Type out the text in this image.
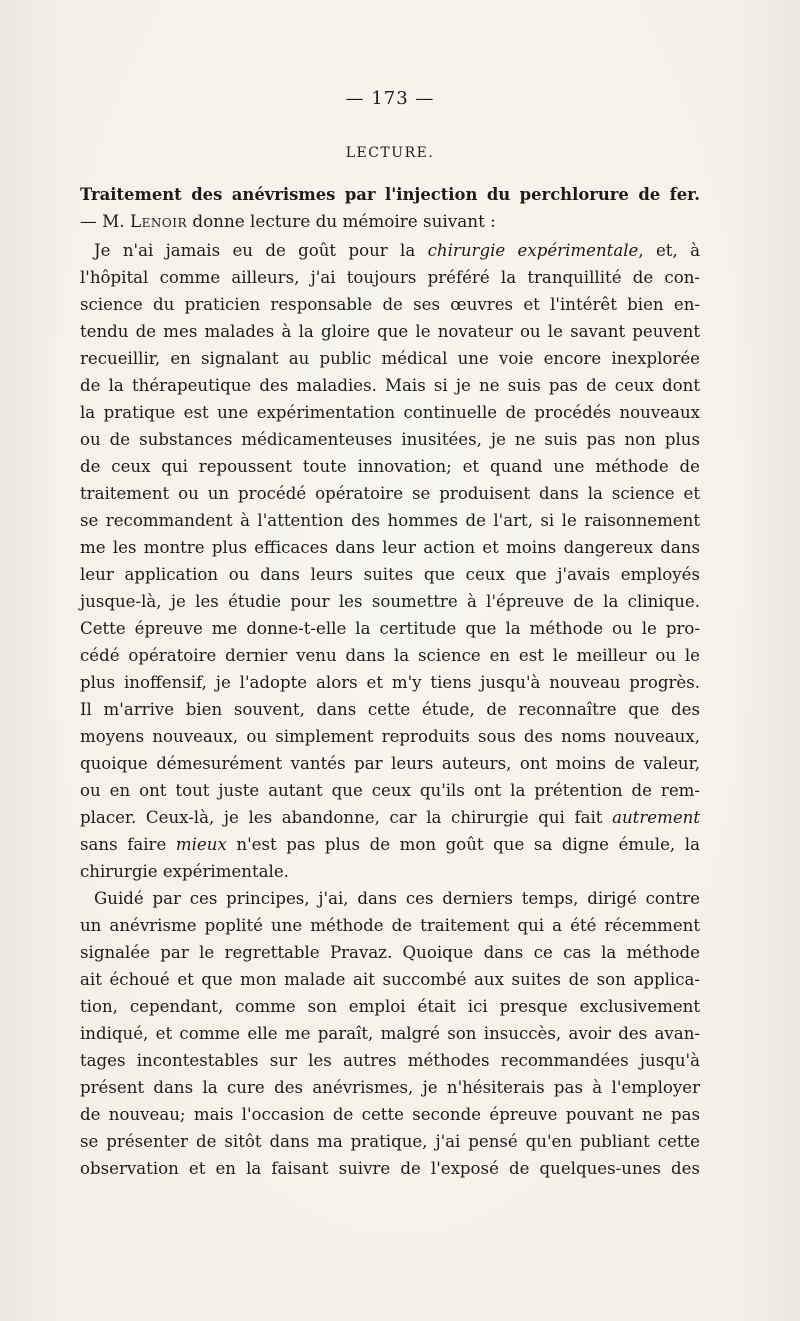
— 173 —
LECTURE.
Traitement des anévrismes par l'injection du perchlorure de fer.
— M. Lenoir donne lecture du mémoire suivant :
Je n'ai jamais eu de goût pour la chirurgie expérimentale, et, à
l'hôpital comme ailleurs, j'ai toujours préféré la tranquillité de con-
science du praticien responsable de ses œuvres et l'intérêt bien en-
tendu de mes malades à la gloire que le novateur ou le savant peuvent
recueillir, en signalant au public médical une voie encore inexplorée
de la thérapeutique des maladies. Mais si je ne suis pas de ceux dont
la pratique est une expérimentation continuelle de procédés nouveaux
ou de substances médicamenteuses inusitées, je ne suis pas non plus
de ceux qui repoussent toute innovation; et quand une méthode de
traitement ou un procédé opératoire se produisent dans la science et
se recommandent à l'attention des hommes de l'art, si le raisonnement
me les montre plus efficaces dans leur action et moins dangereux dans
leur application ou dans leurs suites que ceux que j'avais employés
jusque-là, je les étudie pour les soumettre à l'épreuve de la clinique.
Cette épreuve me donne-t-elle la certitude que la méthode ou le pro-
cédé opératoire dernier venu dans la science en est le meilleur ou le
plus inoffensif, je l'adopte alors et m'y tiens jusqu'à nouveau progrès.
Il m'arrive bien souvent, dans cette étude, de reconnaître que des
moyens nouveaux, ou simplement reproduits sous des noms nouveaux,
quoique démesurément vantés par leurs auteurs, ont moins de valeur,
ou en ont tout juste autant que ceux qu'ils ont la prétention de rem-
placer. Ceux-là, je les abandonne, car la chirurgie qui fait autrement
sans faire mieux n'est pas plus de mon goût que sa digne émule, la
chirurgie expérimentale.
Guidé par ces principes, j'ai, dans ces derniers temps, dirigé contre
un anévrisme poplité une méthode de traitement qui a été récemment
signalée par le regrettable Pravaz. Quoique dans ce cas la méthode
ait échoué et que mon malade ait succombé aux suites de son applica-
tion, cependant, comme son emploi était ici presque exclusivement
indiqué, et comme elle me paraît, malgré son insuccès, avoir des avan-
tages incontestables sur les autres méthodes recommandées jusqu'à
présent dans la cure des anévrismes, je n'hésiterais pas à l'employer
de nouveau; mais l'occasion de cette seconde épreuve pouvant ne pas
se présenter de sitôt dans ma pratique, j'ai pensé qu'en publiant cette
observation et en la faisant suivre de l'exposé de quelques-unes des
